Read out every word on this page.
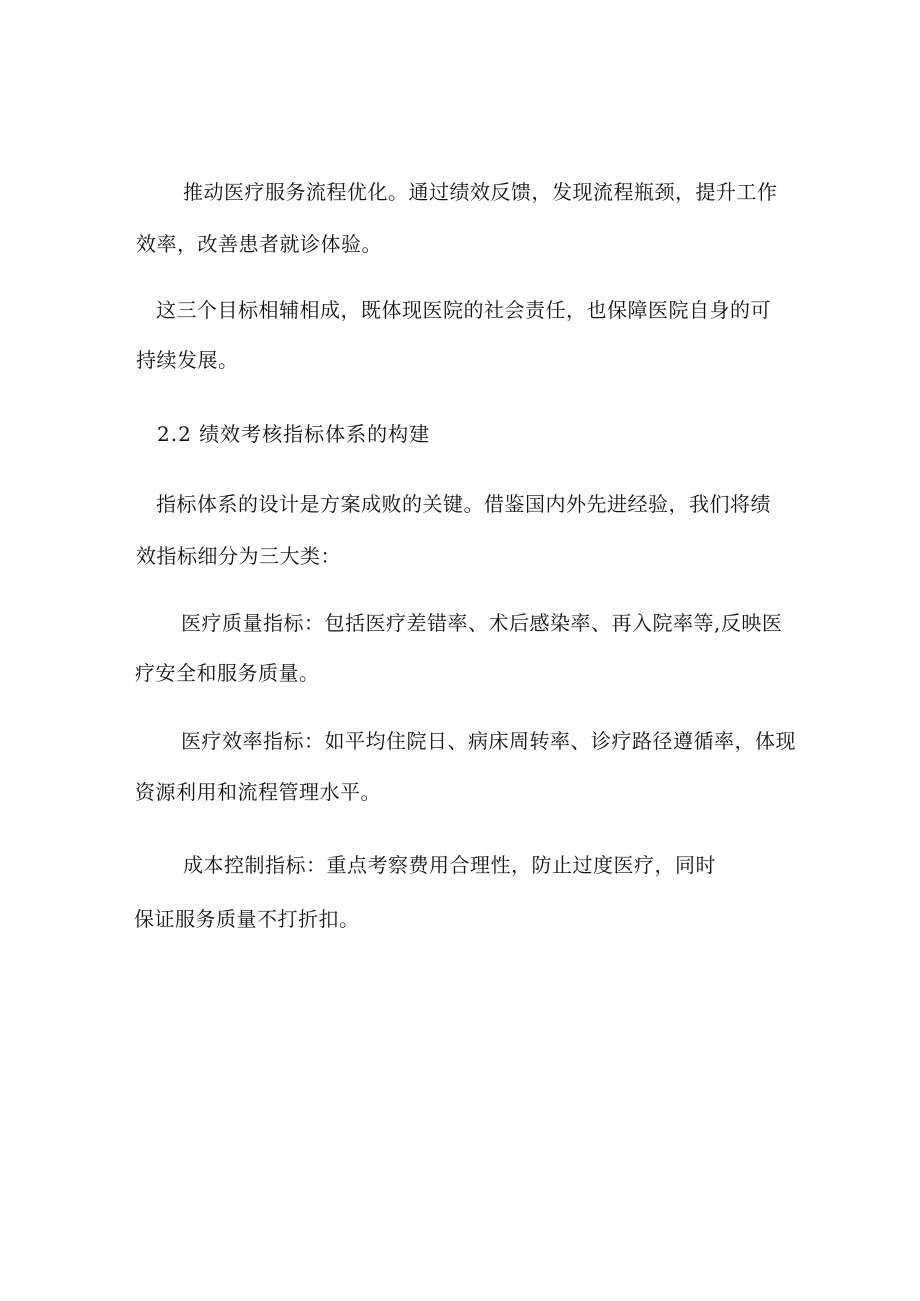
推动医疗服务流程优化。通过绩效反馈，发现流程瓶颈，提升工作
效率，改善患者就诊体验。
这三个目标相辅相成，既体现医院的社会责任，也保障医院自身的可
持续发展。
2.2 绩效考核指标体系的构建
指标体系的设计是方案成败的关键。借鉴国内外先进经验，我们将绩
效指标细分为三大类：
医疗质量指标：包括医疗差错率、术后感染率、再入院率等,反映医
疗安全和服务质量。
医疗效率指标：如平均住院日、病床周转率、诊疗路径遵循率，体现
资源利用和流程管理水平。
成本控制指标：重点考察费用合理性，防止过度医疗，同时
保证服务质量不打折扣。
